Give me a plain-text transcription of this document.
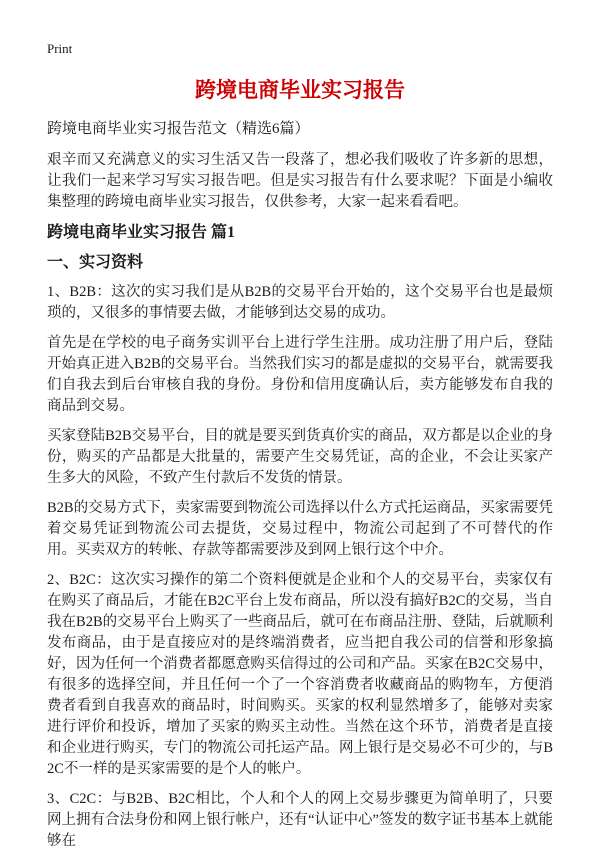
Print
跨境电商毕业实习报告
跨境电商毕业实习报告范文（精选6篇）

艰辛而又充满意义的实习生活又告一段落了，想必我们吸收了许多新的思想，让我们一起来学习写实习报告吧。但是实习报告有什么要求呢？下面是小编收集整理的跨境电商毕业实习报告，仅供参考，大家一起来看看吧。

跨境电商毕业实习报告 篇1
一、实习资料

1、B2B：这次的实习我们是从B2B的交易平台开始的，这个交易平台也是最烦琐的，又很多的事情要去做，才能够到达交易的成功。

首先是在学校的电子商务实训平台上进行学生注册。成功注册了用户后，登陆开始真正进入B2B的交易平台。当然我们实习的都是虚拟的交易平台，就需要我们自我去到后台审核自我的身份。身份和信用度确认后，卖方能够发布自我的商品到交易。

买家登陆B2B交易平台，目的就是要买到货真价实的商品，双方都是以企业的身份，购买的产品都是大批量的，需要产生交易凭证，高的企业，不会让买家产生多大的风险，不致产生付款后不发货的情景。

B2B的交易方式下，卖家需要到物流公司选择以什么方式托运商品，买家需要凭着交易凭证到物流公司去提货，交易过程中，物流公司起到了不可替代的作用。买卖双方的转帐、存款等都需要涉及到网上银行这个中介。

2、B2C：这次实习操作的第二个资料便就是企业和个人的交易平台，卖家仅有在购买了商品后，才能在B2C平台上发布商品，所以没有搞好B2C的交易，当自我在B2B的交易平台上购买了一些商品后，就可在布商品注册、登陆，后就顺利发布商品，由于是直接应对的是终端消费者，应当把自我公司的信誉和形象搞好，因为任何一个消费者都愿意购买信得过的公司和产品。买家在B2C交易中，有很多的选择空间，并且任何一个了一个容消费者收藏商品的购物车，方便消费者看到自我喜欢的商品时，时间购买。买家的权利显然增多了，能够对卖家进行评价和投诉，增加了买家的购买主动性。当然在这个环节，消费者是直接和企业进行购买，专门的物流公司托运产品。网上银行是交易必不可少的，与B2C不一样的是买家需要的是个人的帐户。

3、C2C：与B2B、B2C相比，个人和个人的网上交易步骤更为简单明了，只要网上拥有合法身份和网上银行帐户，还有“认证中心”签发的数字证书基本上就能够在
